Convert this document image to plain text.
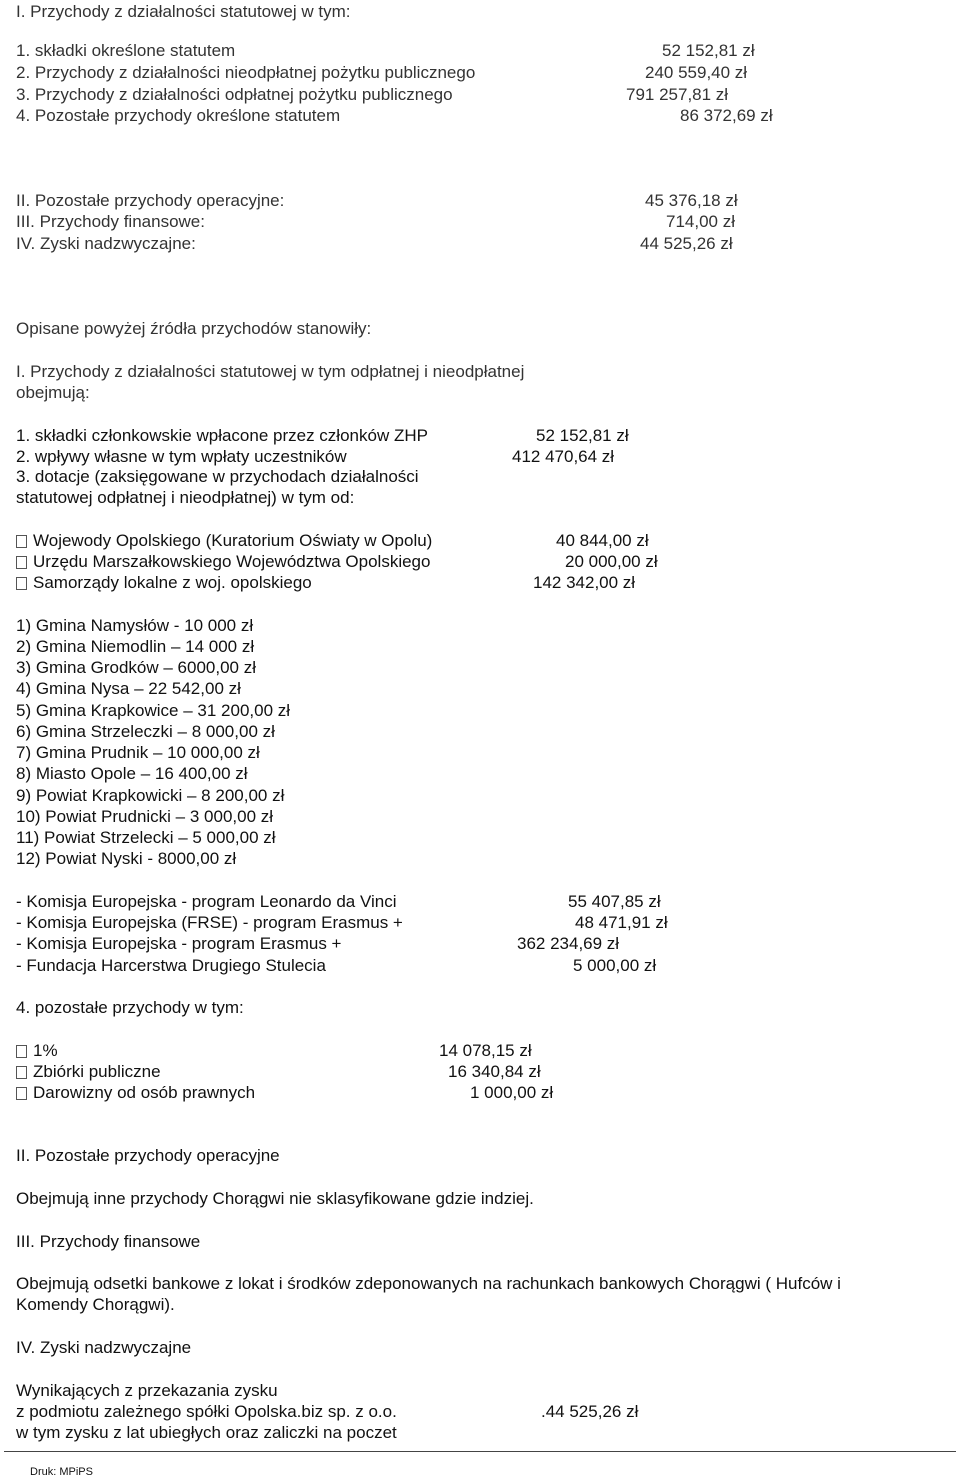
I. Przychody z działalności statutowej w tym:
1. składki określone statutem	52 152,81 zł
2. Przychody z działalności nieodpłatnej pożytku publicznego	240 559,40 zł
3. Przychody z działalności odpłatnej pożytku publicznego	791 257,81 zł
4. Pozostałe przychody określone statutem	86 372,69 zł
II. Pozostałe przychody operacyjne:	45 376,18 zł
III. Przychody finansowe:	714,00 zł
IV. Zyski nadzwyczajne:	44 525,26 zł
Opisane powyżej źródła przychodów stanowiły:
I. Przychody z działalności statutowej w tym odpłatnej i nieodpłatnej
obejmują:
1. składki członkowskie wpłacone przez członków ZHP	52 152,81 zł
2. wpływy własne w tym wpłaty uczestników	412 470,64 zł
3. dotacje (zaksięgowane w przychodach działalności
statutowej odpłatnej i nieodpłatnej) w tym od:
Wojewody Opolskiego (Kuratorium Oświaty w Opolu)	40 844,00 zł
Urzędu Marszałkowskiego Województwa Opolskiego	20 000,00 zł
Samorządy lokalne z woj. opolskiego	142 342,00 zł
1) Gmina Namysłów - 10 000 zł
2) Gmina Niemodlin – 14 000 zł
3) Gmina Grodków – 6000,00 zł
4) Gmina Nysa – 22 542,00 zł
5) Gmina Krapkowice – 31 200,00 zł
6) Gmina Strzeleczki – 8 000,00 zł
7) Gmina Prudnik – 10 000,00 zł
8) Miasto Opole – 16 400,00 zł
9) Powiat Krapkowicki – 8 200,00 zł
10) Powiat Prudnicki – 3 000,00 zł
11) Powiat Strzelecki – 5 000,00 zł
12) Powiat Nyski - 8000,00 zł
- Komisja Europejska - program Leonardo da Vinci	55 407,85 zł
- Komisja Europejska (FRSE) - program Erasmus +	48 471,91 zł
- Komisja Europejska - program Erasmus +	362 234,69 zł
- Fundacja Harcerstwa Drugiego Stulecia	5 000,00 zł
4. pozostałe przychody w tym:
1%	14 078,15 zł
Zbiórki publiczne	16 340,84 zł
Darowizny od osób prawnych	1 000,00 zł
II. Pozostałe przychody operacyjne
Obejmują inne przychody Chorągwi nie sklasyfikowane gdzie indziej.
III. Przychody finansowe
Obejmują odsetki bankowe z lokat i środków zdeponowanych na rachunkach bankowych Chorągwi ( Hufców i
Komendy Chorągwi).
IV. Zyski nadzwyczajne
Wynikających z przekazania zysku
z podmiotu zależnego spółki Opolska.biz sp. z o.o.	.44 525,26 zł
w tym zysku z lat ubiegłych oraz zaliczki na poczet
Druk: MPiPS
